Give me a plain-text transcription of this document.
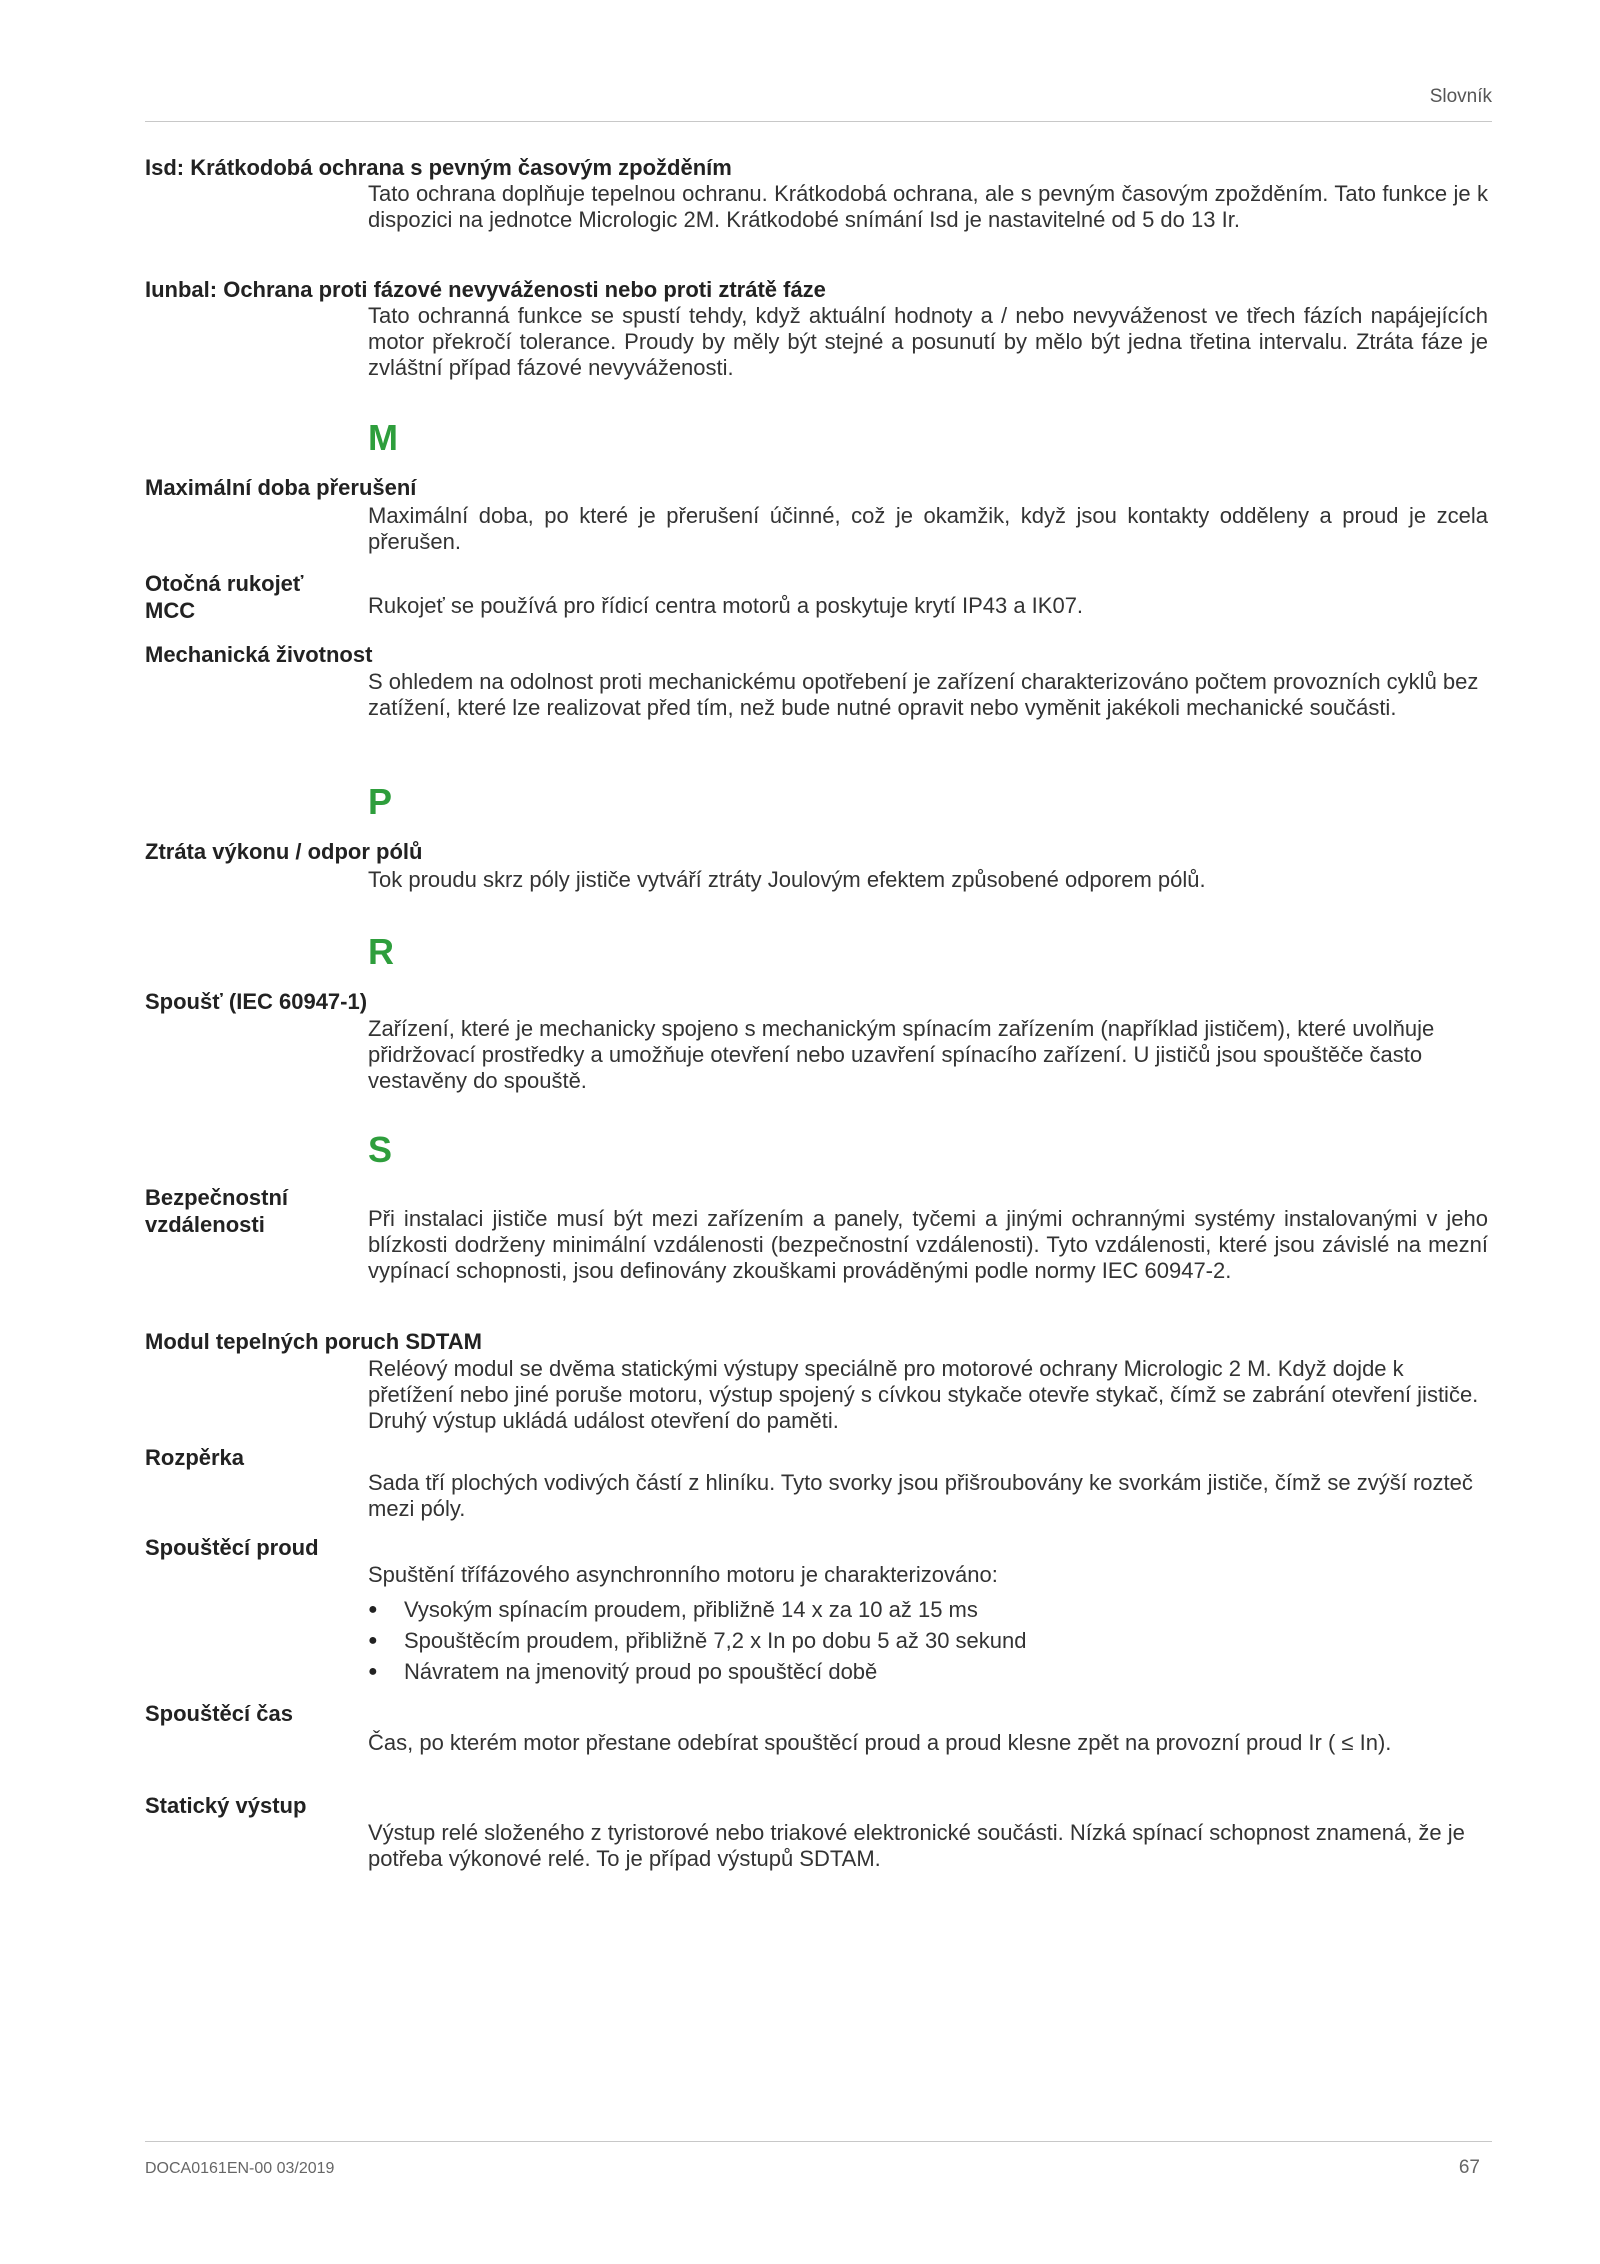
Slovník

Isd: Krátkodobá ochrana s pevným časovým zpožděním

Tato ochrana doplňuje tepelnou ochranu. Krátkodobá ochrana, ale s pevným časovým zpožděním. Tato funkce je k dispozici na jednotce Micrologic 2M. Krátkodobé snímání Isd je nastavitelné od 5 do 13 Ir.

Iunbal: Ochrana proti fázové nevyváženosti nebo proti ztrátě fáze

Tato ochranná funkce se spustí tehdy, když aktuální hodnoty a / nebo nevyváženost ve třech fázích napájejících motor překročí tolerance. Proudy by měly být stejné a posunutí by mělo být jedna třetina intervalu. Ztráta fáze je zvláštní případ fázové nevyváženosti.

M

Maximální doba přerušení

Maximální doba, po které je přerušení účinné, což je okamžik, když jsou kontakty odděleny a proud je zcela přerušen.

Otočná rukojeť MCC	Rukojeť se používá pro řídicí centra motorů a poskytuje krytí IP43 a IK07.

Mechanická životnost

S ohledem na odolnost proti mechanickému opotřebení je zařízení charakterizováno počtem provozních cyklů bez zatížení, které lze realizovat před tím, než bude nutné opravit nebo vyměnit jakékoli mechanické součásti.

P

Ztráta výkonu / odpor pólů

Tok proudu skrz póly jističe vytváří ztráty Joulovým efektem způsobené odporem pólů.

R

Spoušť (IEC 60947-1)

Zařízení, které je mechanicky spojeno s mechanickým spínacím zařízením (například jističem), které uvolňuje přidržovací prostředky a umožňuje otevření nebo uzavření spínacího zařízení. U jističů jsou spouštěče často vestavěny do spouště.

S

Bezpečnostní vzdálenosti	Při instalaci jističe musí být mezi zařízením a panely, tyčemi a jinými ochrannými systémy instalovanými v jeho blízkosti dodrženy minimální vzdálenosti (bezpečnostní vzdálenosti). Tyto vzdálenosti, které jsou závislé na mezní vypínací schopnosti, jsou definovány zkouškami prováděnými podle normy IEC 60947-2.

Modul tepelných poruch SDTAM

Reléový modul se dvěma statickými výstupy speciálně pro motorové ochrany Micrologic 2 M. Když dojde k přetížení nebo jiné poruše motoru, výstup spojený s cívkou stykače otevře stykač, čímž se zabrání otevření jističe. Druhý výstup ukládá událost otevření do paměti.

Rozpěrka

Sada tří plochých vodivých částí z hliníku. Tyto svorky jsou přišroubovány ke svorkám jističe, čímž se zvýší rozteč mezi póly.

Spouštěcí proud

Spuštění třífázového asynchronního motoru je charakterizováno:

● Vysokým spínacím proudem, přibližně 14 x za 10 až 15 ms
● Spouštěcím proudem, přibližně 7,2 x In po dobu 5 až 30 sekund
● Návratem na jmenovitý proud po spouštěcí době

Spouštěcí čas

Čas, po kterém motor přestane odebírat spouštěcí proud a proud klesne zpět na provozní proud Ir ( ≤ In).

Statický výstup

Výstup relé složeného z tyristorové nebo triakové elektronické součásti. Nízká spínací schopnost znamená, že je potřeba výkonové relé. To je případ výstupů SDTAM.

DOCA0161EN-00 03/2019	67
